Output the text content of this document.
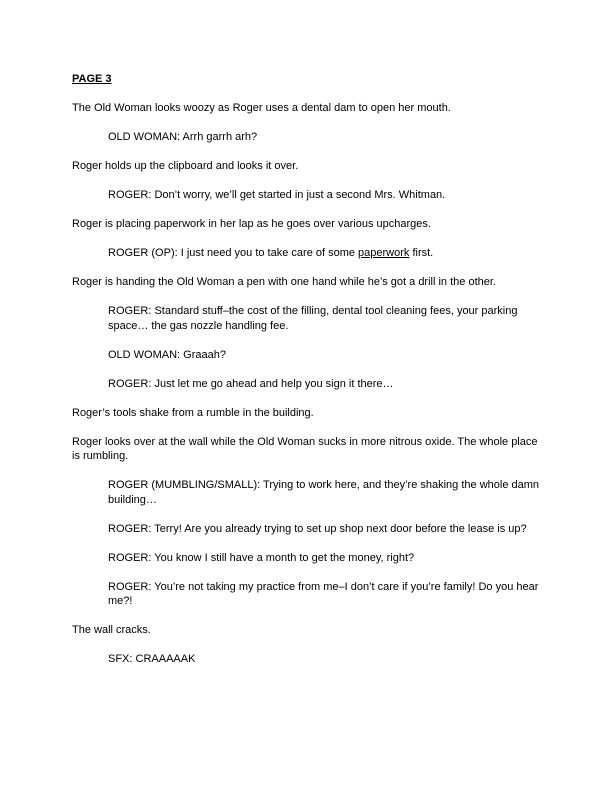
PAGE 3
The Old Woman looks woozy as Roger uses a dental dam to open her mouth.
OLD WOMAN: Arrh garrh arh?
Roger holds up the clipboard and looks it over.
ROGER: Don’t worry, we’ll get started in just a second Mrs. Whitman.
Roger is placing paperwork in her lap as he goes over various upcharges.
ROGER (OP): I just need you to take care of some paperwork first.
Roger is handing the Old Woman a pen with one hand while he’s got a drill in the other.
ROGER: Standard stuff–the cost of the filling, dental tool cleaning fees, your parking space… the gas nozzle handling fee.
OLD WOMAN: Graaah?
ROGER: Just let me go ahead and help you sign it there…
Roger’s tools shake from a rumble in the building.
Roger looks over at the wall while the Old Woman sucks in more nitrous oxide. The whole place is rumbling.
ROGER (MUMBLING/SMALL): Trying to work here, and they’re shaking the whole damn building…
ROGER: Terry! Are you already trying to set up shop next door before the lease is up?
ROGER: You know I still have a month to get the money, right?
ROGER: You’re not taking my practice from me–I don’t care if you’re family! Do you hear me?!
The wall cracks.
SFX: CRAAAAAK
